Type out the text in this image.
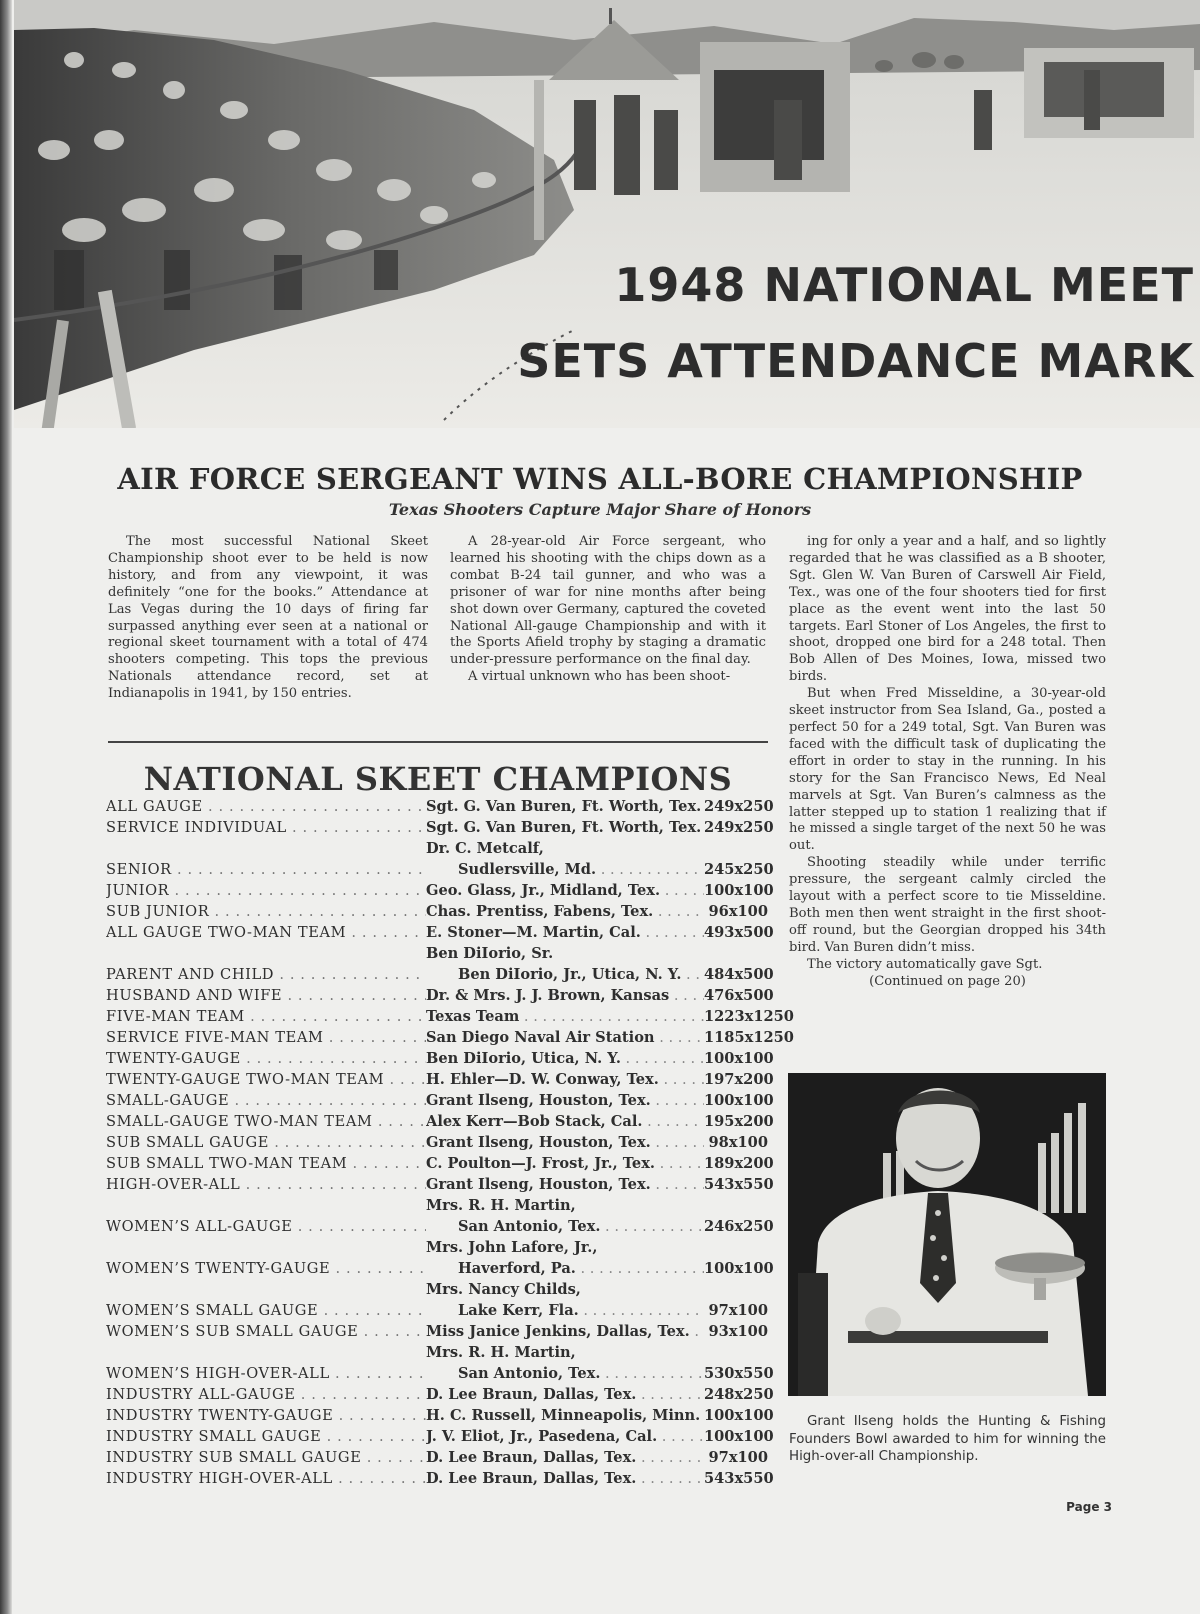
1948 NATIONAL MEET
SETS ATTENDANCE MARK
AIR FORCE SERGEANT WINS ALL-BORE CHAMPIONSHIP
Texas Shooters Capture Major Share of Honors

The most successful National Skeet Championship shoot ever to be held is now history, and from any viewpoint, it was definitely “one for the books.” Attendance at Las Vegas during the 10 days of firing far surpassed anything ever seen at a national or regional skeet tournament with a total of 474 shooters competing. This tops the previous Nationals attendance record, set at Indianapolis in 1941, by 150 entries.

A 28-year-old Air Force sergeant, who learned his shooting with the chips down as a combat B-24 tail gunner, and who was a prisoner of war for nine months after being shot down over Germany, captured the coveted National All-gauge Championship and with it the Sports Afield trophy by staging a dramatic under-pressure performance on the final day.

A virtual unknown who has been shoot-

ing for only a year and a half, and so lightly regarded that he was classified as a B shooter, Sgt. Glen W. Van Buren of Carswell Air Field, Tex., was one of the four shooters tied for first place as the event went into the last 50 targets. Earl Stoner of Los Angeles, the first to shoot, dropped one bird for a 248 total. Then Bob Allen of Des Moines, Iowa, missed two birds.

But when Fred Misseldine, a 30-year-old skeet instructor from Sea Island, Ga., posted a perfect 50 for a 249 total, Sgt. Van Buren was faced with the difficult task of duplicating the effort in order to stay in the running. In his story for the San Francisco News, Ed Neal marvels at Sgt. Van Buren’s calmness as the latter stepped up to station 1 realizing that if he missed a single target of the next 50 he was out.

Shooting steadily while under terrific pressure, the sergeant calmly circled the layout with a perfect score to tie Misseldine. Both men then went straight in the first shoot-off round, but the Georgian dropped his 34th bird. Van Buren didn’t miss.

The victory automatically gave Sgt.

(Continued on page 20)

NATIONAL SKEET CHAMPIONS
ALL GAUGE . . .	Sgt. G. Van Buren, Ft. Worth, Tex. . . . 249x250
SERVICE INDIVIDUAL . . .	Sgt. G. Van Buren, Ft. Worth, Tex. . . . 249x250
SENIOR . . .
Dr. C. Metcalf,
Sudlersville, Md. . . .	245x250
JUNIOR . . .	Geo. Glass, Jr., Midland, Tex. . . .	100x100
SUB JUNIOR . . .	Chas. Prentiss, Fabens, Tex. . . .	96x100
ALL GAUGE TWO-MAN TEAM . . .	E. Stoner—M. Martin, Cal. . . .	493x500
PARENT AND CHILD . . .
Ben DiIorio, Sr.
Ben DiIorio, Jr., Utica, N. Y. . . .	484x500
HUSBAND AND WIFE . . .	Dr. & Mrs. J. J. Brown, Kansas . . .	476x500
FIVE-MAN TEAM . . .	Texas Team . . .	1223x1250
SERVICE FIVE-MAN TEAM . . .	San Diego Naval Air Station . . .	1185x1250
TWENTY-GAUGE . . .	Ben DiIorio, Utica, N. Y. . . .	100x100
TWENTY-GAUGE TWO-MAN TEAM . . .	H. Ehler—D. W. Conway, Tex. . . .	197x200
SMALL-GAUGE . . .	Grant Ilseng, Houston, Tex. . . .	100x100
SMALL-GAUGE TWO-MAN TEAM . . .	Alex Kerr—Bob Stack, Cal. . . .	195x200
SUB SMALL GAUGE . . .	Grant Ilseng, Houston, Tex. . . .	98x100
SUB SMALL TWO-MAN TEAM . . .	C. Poulton—J. Frost, Jr., Tex. . . .	189x200
HIGH-OVER-ALL . . .	Grant Ilseng, Houston, Tex. . . .	543x550
WOMEN’S ALL-GAUGE . . .
Mrs. R. H. Martin,
San Antonio, Tex. . . .	246x250
WOMEN’S TWENTY-GAUGE . . .
Mrs. John Lafore, Jr.,
Haverford, Pa. . . .	100x100
WOMEN’S SMALL GAUGE . . .
Mrs. Nancy Childs,
Lake Kerr, Fla. . . .	97x100
WOMEN’S SUB SMALL GAUGE . . .	Miss Janice Jenkins, Dallas, Tex. . . .	93x100
WOMEN’S HIGH-OVER-ALL . . .
Mrs. R. H. Martin,
San Antonio, Tex. . . .	530x550
INDUSTRY ALL-GAUGE . . .	D. Lee Braun, Dallas, Tex. . . .	248x250
INDUSTRY TWENTY-GAUGE . . .	H. C. Russell, Minneapolis, Minn. . . . 100x100
INDUSTRY SMALL GAUGE . . .	J. V. Eliot, Jr., Pasedena, Cal. . . .	100x100
INDUSTRY SUB SMALL GAUGE . . .	D. Lee Braun, Dallas, Tex. . . .	97x100
INDUSTRY HIGH-OVER-ALL . . .	D. Lee Braun, Dallas, Tex. . . .	543x550

Grant Ilseng holds the Hunting & Fishing Founders Bowl awarded to him for winning the High-over-all Championship.

Page 3
